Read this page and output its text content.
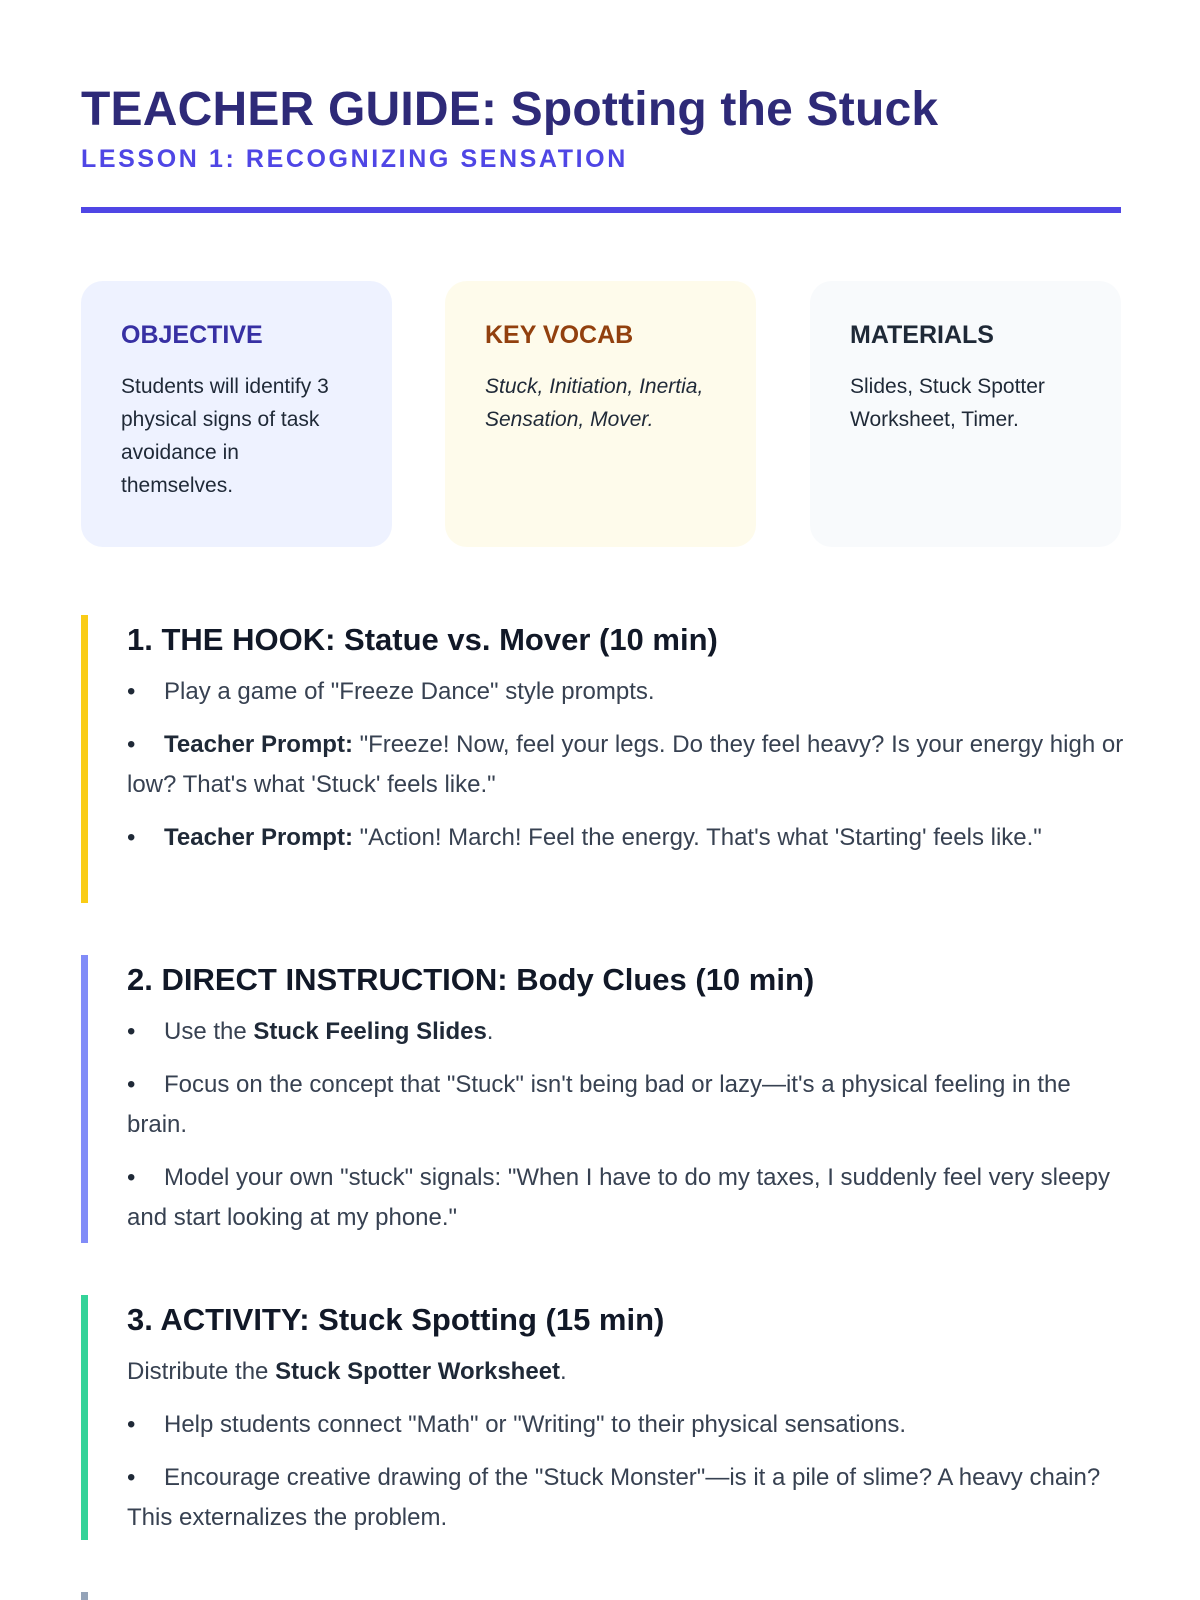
TEACHER GUIDE: Spotting the Stuck
LESSON 1: RECOGNIZING SENSATION
OBJECTIVE
Students will identify 3 physical signs of task avoidance in themselves.
KEY VOCAB
Stuck, Initiation, Inertia, Sensation, Mover.
MATERIALS
Slides, Stuck Spotter Worksheet, Timer.
1. THE HOOK: Statue vs. Mover (10 min)
• Play a game of "Freeze Dance" style prompts.
• Teacher Prompt: "Freeze! Now, feel your legs. Do they feel heavy? Is your energy high or low? That's what 'Stuck' feels like."
• Teacher Prompt: "Action! March! Feel the energy. That's what 'Starting' feels like."
2. DIRECT INSTRUCTION: Body Clues (10 min)
• Use the Stuck Feeling Slides.
• Focus on the concept that "Stuck" isn't being bad or lazy—it's a physical feeling in the brain.
• Model your own "stuck" signals: "When I have to do my taxes, I suddenly feel very sleepy and start looking at my phone."
3. ACTIVITY: Stuck Spotting (15 min)
Distribute the Stuck Spotter Worksheet.
• Help students connect "Math" or "Writing" to their physical sensations.
• Encourage creative drawing of the "Stuck Monster"—is it a pile of slime? A heavy chain? This externalizes the problem.
